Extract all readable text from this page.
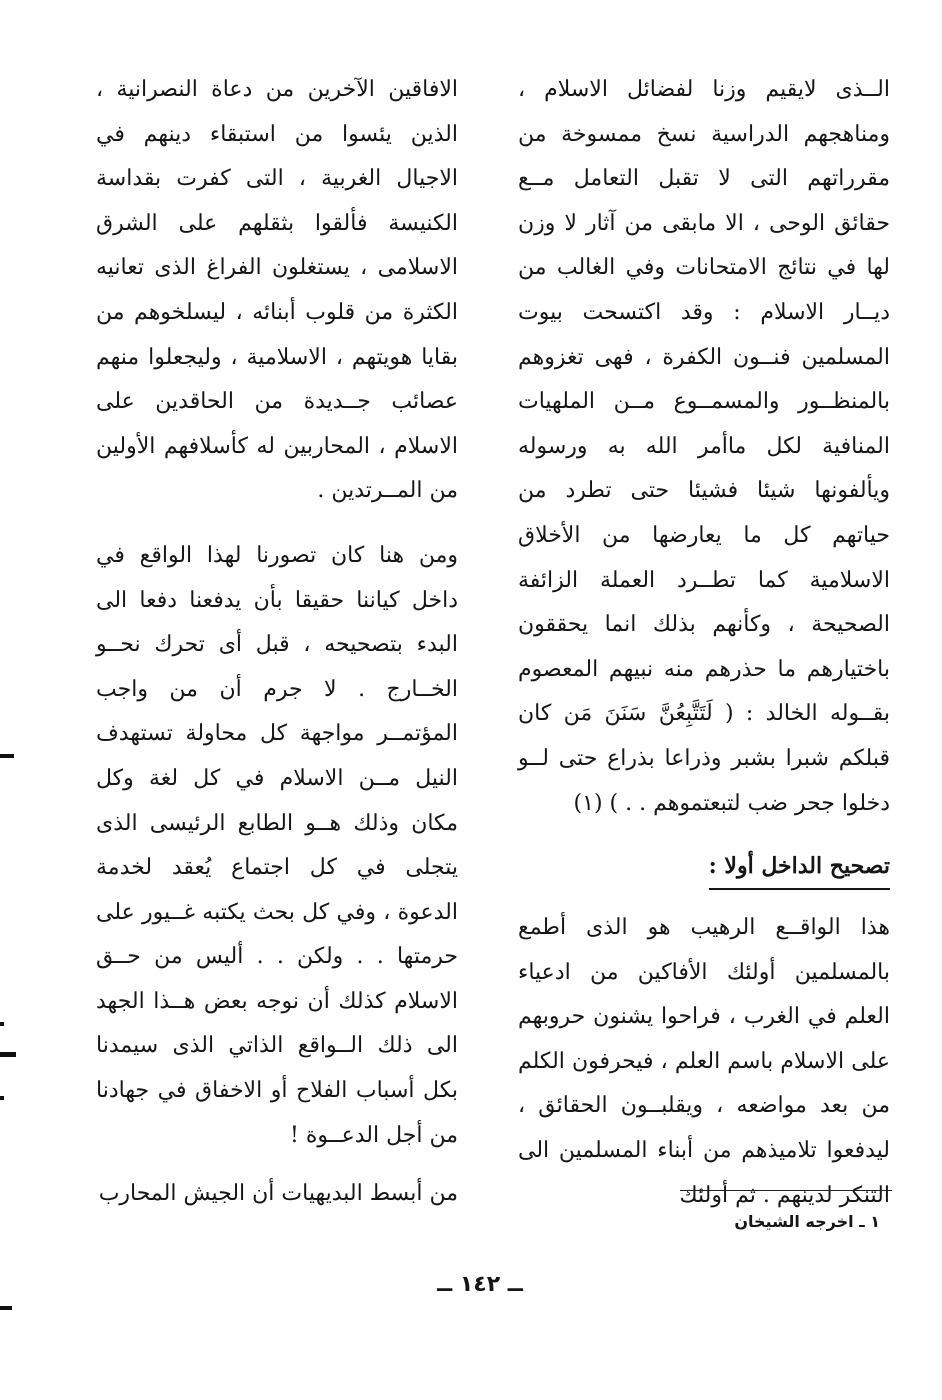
الــذى لايقيم وزنا لفضائل الاسلام ، ومناهجهم الدراسية نسخ ممسوخة من مقرراتهم التى لا تقبل التعامل مــع حقائق الوحى ، الا مابقى من آثار لا وزن لها في نتائج الامتحانات وفي الغالب من ديــار الاسلام : وقد اكتسحت بيوت المسلمين فنــون الكفرة ، فهى تغزوهم بالمنظــور والمسمــوع مــن الملهيات المنافية لكل ماأمر الله به ورسوله ويألفونها شيئا فشيئا حتى تطرد من حياتهم كل ما يعارضها من الأخلاق الاسلامية كما تطــرد العملة الزائفة الصحيحة ، وكأنهم بذلك انما يحققون باختيارهم ما حذرهم منه نبيهم المعصوم بقــوله الخالد : ( لَتَتَّبِعُنَّ سَنَنَ مَن كان قبلكم شبرا بشبر وذراعا بذراع حتى لــو دخلوا جحر ضب لتبعتموهم . . ) (١)

تصحيح الداخل أولا :

هذا الواقــع الرهيب هو الذى أطمع بالمسلمين أولئك الأفاكين من ادعياء العلم في الغرب ، فراحوا يشنون حروبهم على الاسلام باسم العلم ، فيحرفون الكلم من بعد مواضعه ، ويقلبــون الحقائق ، ليدفعوا تلاميذهم من أبناء المسلمين الى التنكر لدينهم . ثم أولئك

الافاقين الآخرين من دعاة النصرانية ، الذين يئسوا من استبقاء دينهم في الاجيال الغربية ، التى كفرت بقداسة الكنيسة فألقوا بثقلهم على الشرق الاسلامى ، يستغلون الفراغ الذى تعانيه الكثرة من قلوب أبنائه ، ليسلخوهم من بقايا هويتهم ، الاسلامية ، وليجعلوا منهم عصائب جــديدة من الحاقدين على الاسلام ، المحاربين له كأسلافهم الأولين من المــرتدين .

ومن هنا كان تصورنا لهذا الواقع في داخل كياننا حقيقا بأن يدفعنا دفعا الى البدء بتصحيحه ، قبل أى تحرك نحــو الخــارج . لا جرم أن من واجب المؤتمــر مواجهة كل محاولة تستهدف النيل مــن الاسلام في كل لغة وكل مكان وذلك هــو الطابع الرئيسى الذى يتجلى في كل اجتماع يُعقد لخدمة الدعوة ، وفي كل بحث يكتبه غــيور على حرمتها . . ولكن . . أليس من حــق الاسلام كذلك أن نوجه بعض هــذا الجهد الى ذلك الــواقع الذاتي الذى سيمدنا بكل أسباب الفلاح أو الاخفاق في جهادنا من أجل الدعــوة !

من أبسط البديهيات أن الجيش المحارب

١ ـ اخرجه الشيخان
ــ ١٤٢ ــ
